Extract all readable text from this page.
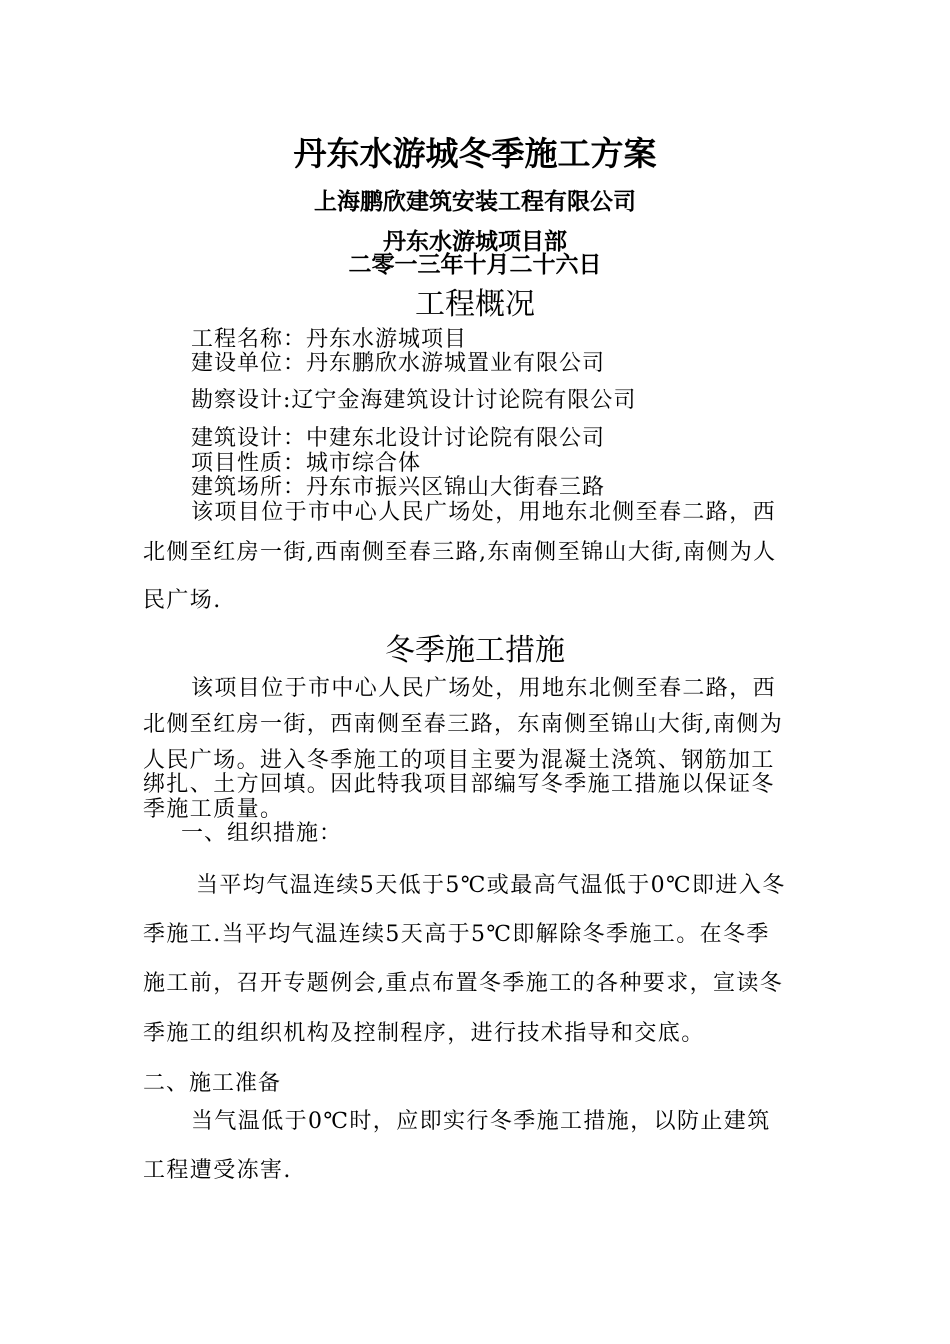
丹东水游城冬季施工方案
上海鹏欣建筑安装工程有限公司
丹东水游城项目部
二零一三年十月二十六日
工程概况
工程名称：丹东水游城项目
建设单位：丹东鹏欣水游城置业有限公司
勘察设计:辽宁金海建筑设计讨论院有限公司
建筑设计：中建东北设计讨论院有限公司
项目性质：城市综合体
建筑场所：丹东市振兴区锦山大街春三路
该项目位于市中心人民广场处，用地东北侧至春二路，西
北侧至红房一街,西南侧至春三路,东南侧至锦山大街,南侧为人
民广场.
冬季施工措施
该项目位于市中心人民广场处，用地东北侧至春二路，西
北侧至红房一街，西南侧至春三路，东南侧至锦山大街,南侧为
人民广场。进入冬季施工的项目主要为混凝土浇筑、钢筋加工
绑扎、土方回填。因此特我项目部编写冬季施工措施以保证冬
季施工质量。
一、组织措施：
当平均气温连续5天低于5℃或最高气温低于0℃即进入冬
季施工.当平均气温连续5天高于5℃即解除冬季施工。在冬季
施工前，召开专题例会,重点布置冬季施工的各种要求，宣读冬
季施工的组织机构及控制程序，进行技术指导和交底。
二、施工准备
当气温低于0℃时，应即实行冬季施工措施，以防止建筑
工程遭受冻害.
